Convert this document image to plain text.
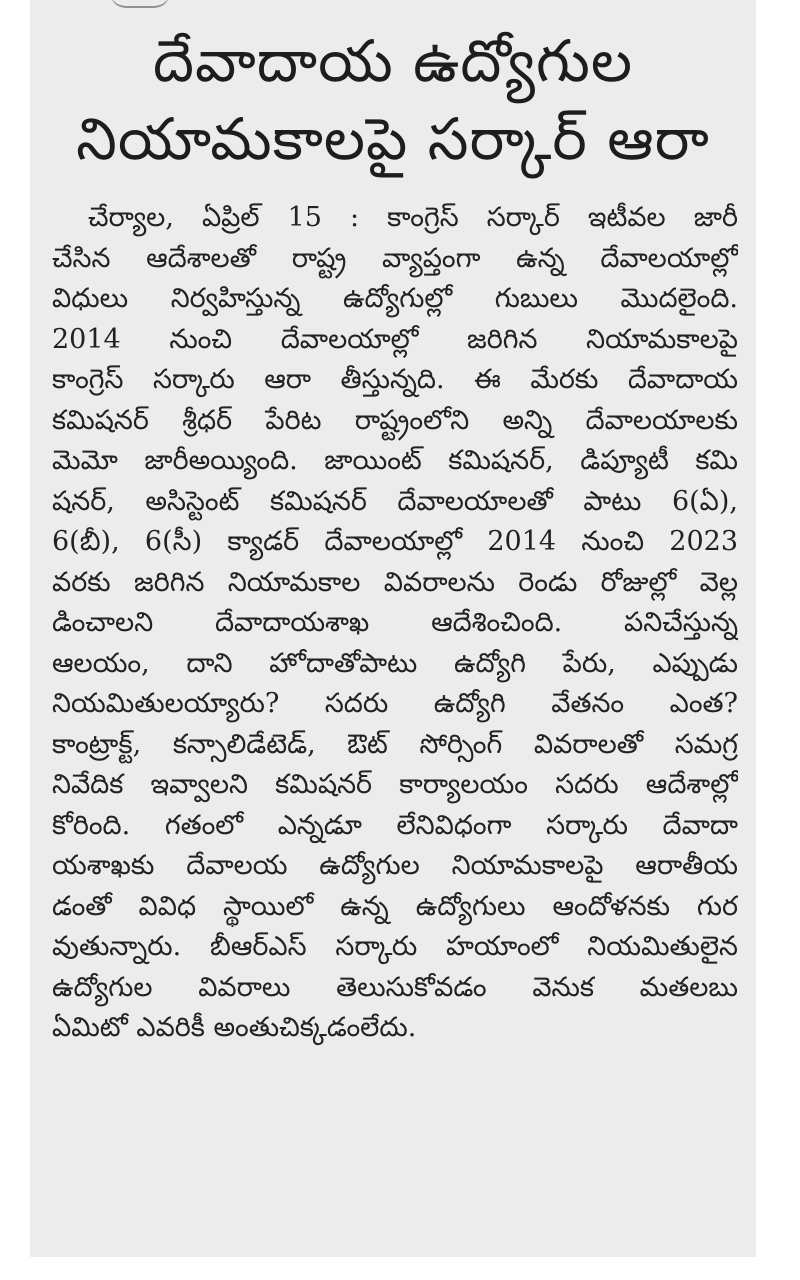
దేవాదాయ ఉద్యోగుల
నియామకాలపై సర్కార్ ఆరా
చేర్యాల, ఏప్రిల్ 15 : కాంగ్రెస్ సర్కార్ ఇటీవల జారీ
చేసిన ఆదేశాలతో రాష్ట్ర వ్యాప్తంగా ఉన్న దేవాలయాల్లో
విధులు నిర్వహిస్తున్న ఉద్యోగుల్లో గుబులు మొదలైంది.
2014 నుంచి దేవాలయాల్లో జరిగిన నియామకాలపై
కాంగ్రెస్ సర్కారు ఆరా తీస్తున్నది. ఈ మేరకు దేవాదాయ
కమిషనర్ శ్రీధర్ పేరిట రాష్ట్రంలోని అన్ని దేవాలయాలకు
మెమో జారీఅయ్యింది. జాయింట్ కమిషనర్, డిప్యూటీ కమి
షనర్, అసిస్టెంట్ కమిషనర్ దేవాలయాలతో పాటు 6(ఏ),
6(బీ), 6(సీ) క్యాడర్ దేవాలయాల్లో 2014 నుంచి 2023
వరకు జరిగిన నియామకాల వివరాలను రెండు రోజుల్లో వెల్ల
డించాలని దేవాదాయశాఖ ఆదేశించింది. పనిచేస్తున్న
ఆలయం, దాని హోదాతోపాటు ఉద్యోగి పేరు, ఎప్పుడు
నియమితులయ్యారు? సదరు ఉద్యోగి వేతనం ఎంత?
కాంట్రాక్ట్, కన్సాలిడేటెడ్, ఔట్ సోర్సింగ్ వివరాలతో సమగ్ర
నివేదిక ఇవ్వాలని కమిషనర్ కార్యాలయం సదరు ఆదేశాల్లో
కోరింది. గతంలో ఎన్నడూ లేనివిధంగా సర్కారు దేవాదా
యశాఖకు దేవాలయ ఉద్యోగుల నియామకాలపై ఆరాతీయ
డంతో వివిధ స్థాయిలో ఉన్న ఉద్యోగులు ఆందోళనకు గుర
వుతున్నారు. బీఆర్ఎస్ సర్కారు హయాంలో నియమితులైన
ఉద్యోగుల వివరాలు తెలుసుకోవడం వెనుక మతలబు
ఏమిటో ఎవరికీ అంతుచిక్కడంలేదు.
